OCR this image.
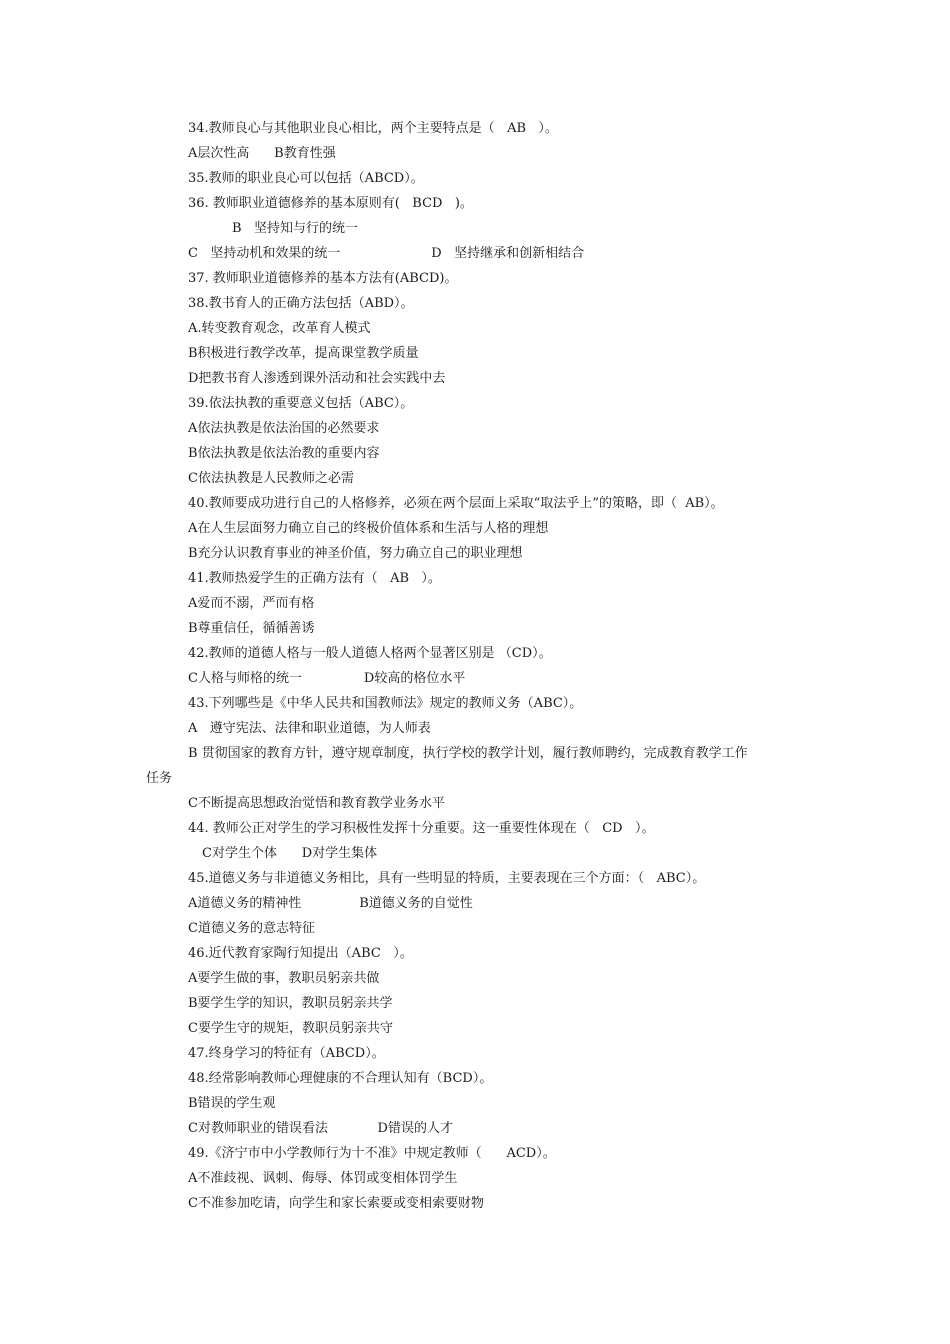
34.教师良心与其他职业良心相比，两个主要特点是（   AB   ）。
A层次性高      B教育性强
35.教师的职业良心可以包括（ABCD）。
36. 教师职业道德修养的基本原则有(   BCD   )。
B   坚持知与行的统一
C   坚持动机和效果的统一                      D   坚持继承和创新相结合
37. 教师职业道德修养的基本方法有(ABCD)。
38.教书育人的正确方法包括（ABD）。
A.转变教育观念，改革育人模式
B积极进行教学改革，提高课堂教学质量
D把教书育人渗透到课外活动和社会实践中去
39.依法执教的重要意义包括（ABC）。
A依法执教是依法治国的必然要求
B依法执教是依法治教的重要内容
C依法执教是人民教师之必需
40.教师要成功进行自己的人格修养，必须在两个层面上采取“取法乎上”的策略，即（  AB）。
A在人生层面努力确立自己的终极价值体系和生活与人格的理想
B充分认识教育事业的神圣价值，努力确立自己的职业理想
41.教师热爱学生的正确方法有（   AB   ）。
A爱而不溺，严而有格
B尊重信任，循循善诱
42.教师的道德人格与一般人道德人格两个显著区别是 （CD）。
C人格与师格的统一               D较高的格位水平
43.下列哪些是《中华人民共和国教师法》规定的教师义务（ABC）。
A   遵守宪法、法律和职业道德，为人师表
B 贯彻国家的教育方针，遵守规章制度，执行学校的教学计划，履行教师聘约，完成教育教学工作
任务
C不断提高思想政治觉悟和教育教学业务水平
44. 教师公正对学生的学习积极性发挥十分重要。这一重要性体现在（   CD   ）。
C对学生个体      D对学生集体
45.道德义务与非道德义务相比，具有一些明显的特质，主要表现在三个方面：（   ABC）。
A道德义务的精神性              B道德义务的自觉性
C道德义务的意志特征
46.近代教育家陶行知提出（ABC   ）。
A要学生做的事，教职员躬亲共做
B要学生学的知识，教职员躬亲共学
C要学生守的规矩，教职员躬亲共守
47.终身学习的特征有（ABCD）。
48.经常影响教师心理健康的不合理认知有（BCD）。
B错误的学生观
C对教师职业的错误看法            D错误的人才
49.《济宁市中小学教师行为十不准》中规定教师（      ACD）。
A不准歧视、讽刺、侮辱、体罚或变相体罚学生
C不准参加吃请，向学生和家长索要或变相索要财物
